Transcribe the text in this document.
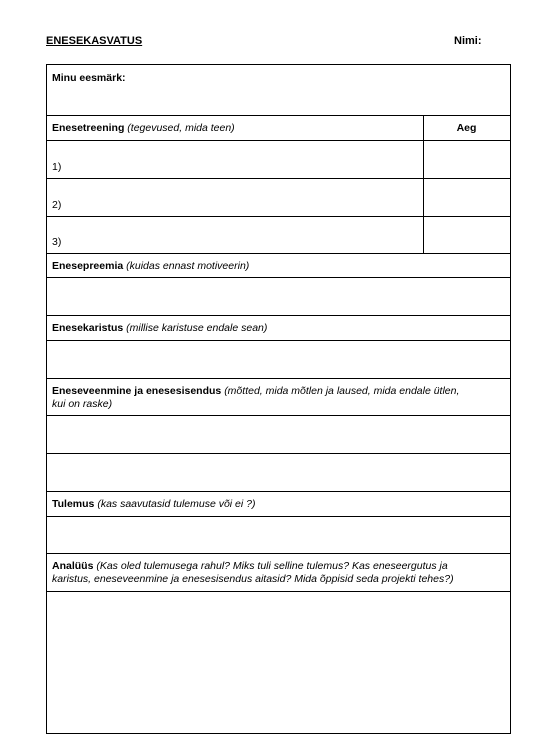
ENESEKASVATUS	Nimi:
Minu eesmärk:
Enesetreening (tegevused, mida teen)	Aeg
1)
2)
3)
Enesepreemia (kuidas ennast motiveerin)
Enesekaristus (millise karistuse endale sean)
Eneseveenmine ja enesesisendus (mõtted, mida mõtlen ja laused, mida endale ütlen,
kui on raske)
Tulemus (kas saavutasid tulemuse või ei ?)
Analüüs (Kas oled tulemusega rahul? Miks tuli selline tulemus? Kas eneseergutus ja
karistus, eneseveenmine ja enesesisendus aitasid? Mida õppisid seda projekti tehes?)
